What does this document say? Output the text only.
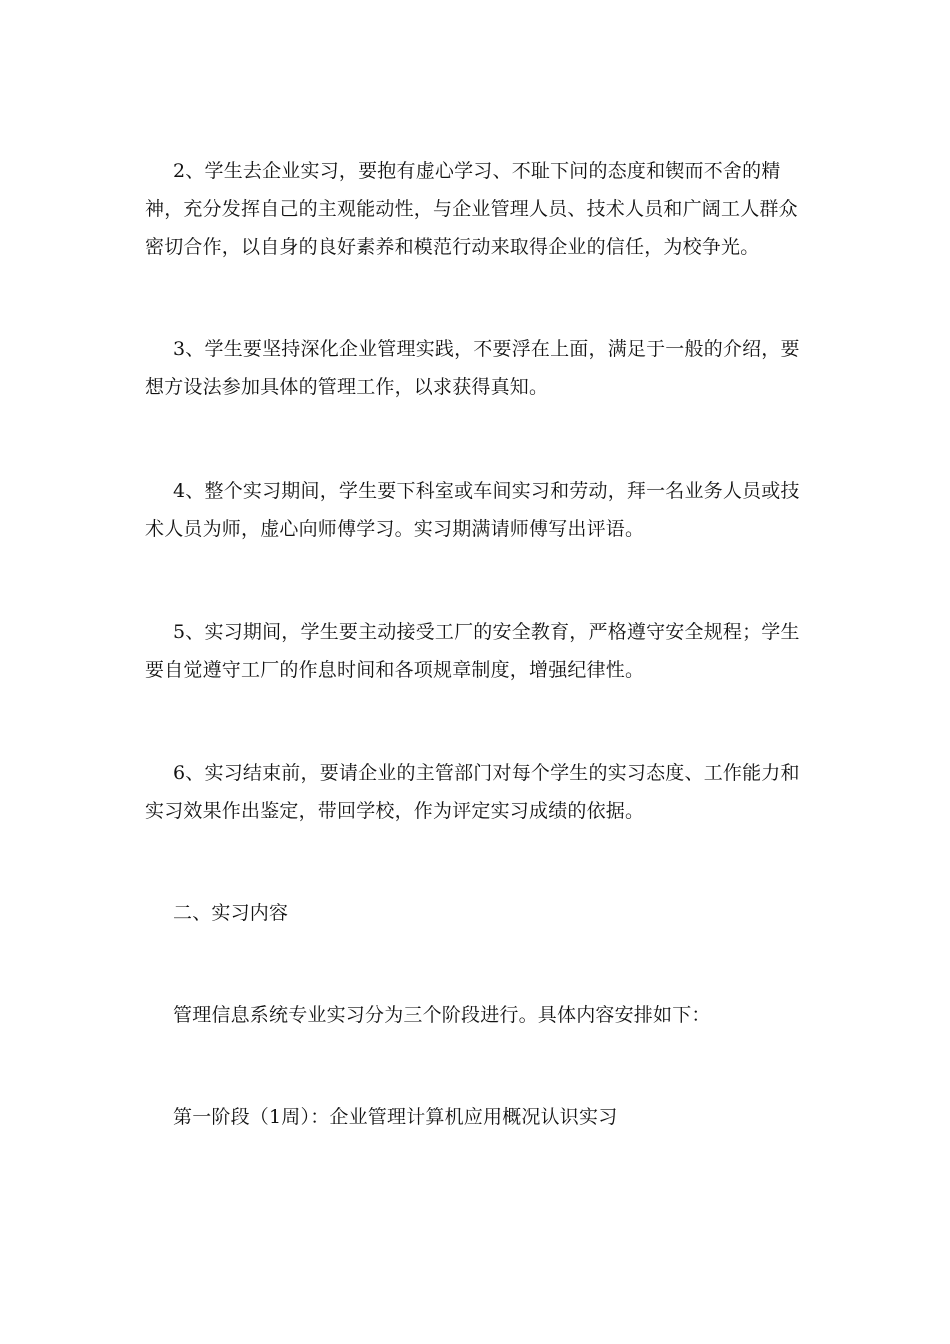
2、学生去企业实习，要抱有虚心学习、不耻下问的态度和锲而不舍的精神，充分发挥自己的主观能动性，与企业管理人员、技术人员和广阔工人群众密切合作，以自身的良好素养和模范行动来取得企业的信任，为校争光。

3、学生要坚持深化企业管理实践，不要浮在上面，满足于一般的介绍，要想方设法参加具体的管理工作，以求获得真知。

4、整个实习期间，学生要下科室或车间实习和劳动，拜一名业务人员或技术人员为师，虚心向师傅学习。实习期满请师傅写出评语。

5、实习期间，学生要主动接受工厂的安全教育，严格遵守安全规程；学生要自觉遵守工厂的作息时间和各项规章制度，增强纪律性。

6、实习结束前，要请企业的主管部门对每个学生的实习态度、工作能力和实习效果作出鉴定，带回学校，作为评定实习成绩的依据。

二、实习内容

管理信息系统专业实习分为三个阶段进行。具体内容安排如下：

第一阶段（1周）：企业管理计算机应用概况认识实习
